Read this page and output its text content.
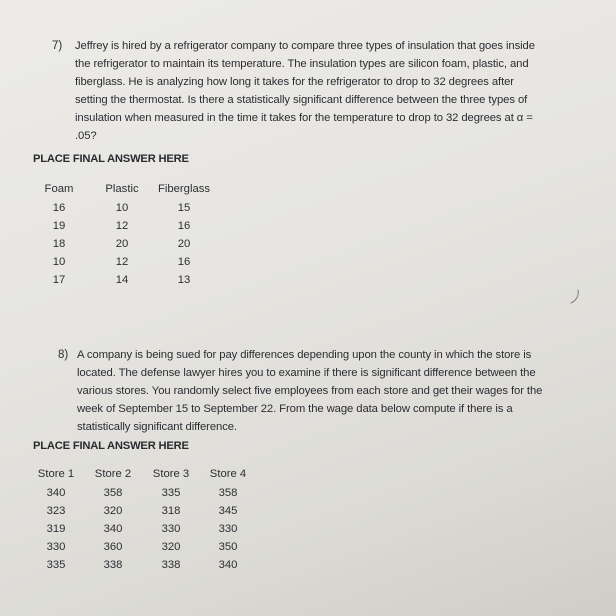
7) Jeffrey is hired by a refrigerator company to compare three types of insulation that goes inside
the refrigerator to maintain its temperature. The insulation types are silicon foam, plastic, and
fiberglass. He is analyzing how long it takes for the refrigerator to drop to 32 degrees after
setting the thermostat. Is there a statistically significant difference between the three types of
insulation when measured in the time it takes for the temperature to drop to 32 degrees at α =
.05?
PLACE FINAL ANSWER HERE
Foam	Plastic Fiberglass
16	10	15
19	12	16
18	20	20
10	12	16
17	14	13
8) A company is being sued for pay differences depending upon the county in which the store is
located. The defense lawyer hires you to examine if there is significant difference between the
various stores. You randomly select five employees from each store and get their wages for the
week of September 15 to September 22. From the wage data below compute if there is a
statistically significant difference.
PLACE FINAL ANSWER HERE
Store 1 Store 2 Store 3 Store 4
340	358	335	358
323	320	318	345
319	340	330	330
330	360	320	350
335	338	338	340
